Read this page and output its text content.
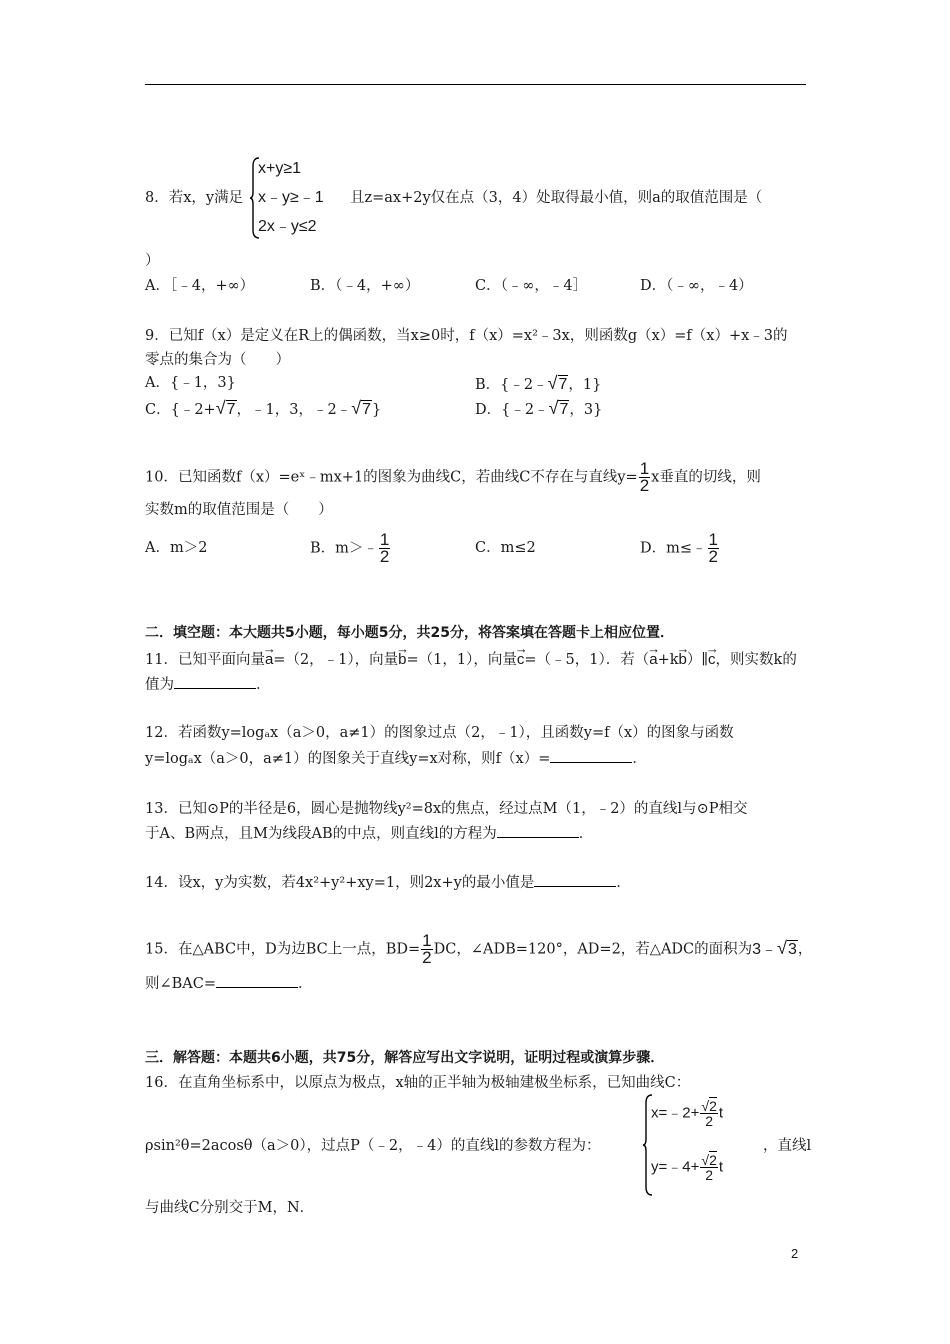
8．若x，y满足
x+y≥1
x﹣y≥﹣1
2x﹣y≤2
且z=ax+2y仅在点（3，4）处取得最小值，则a的取值范围是（
）
A．［﹣4，+∞）	B．（﹣4，+∞）	C．（﹣∞，﹣4］	D．（﹣∞，﹣4）
9．已知f（x）是定义在R上的偶函数，当x≥0时，f（x）=x²﹣3x，则函数g（x）=f（x）+x﹣3的
零点的集合为（　　）
A．{﹣1，3}	B．{﹣2﹣√7，1}
C．{﹣2+√7，﹣1，3，﹣2﹣√7}	D．{﹣2﹣√7，3}
10．已知函数f（x）=eˣ﹣mx+1的图象为曲线C，若曲线C不存在与直线$y= \frac{1}{2}$ x垂直的切线，则
实数m的取值范围是（　　）
A．m＞2	B．m＞﹣ $\frac{1}{2}$	C．m≤2	D．m≤﹣ $\frac{1}{2}$
二．填空题：本大题共5小题，每小题5分，共25分，将答案填在答题卡上相应位置．
11．已知平面向量
→
a=（2，﹣1），向量
→
b=（1，1），向量
→
c=（﹣5，1）．若（
→
a+k
→
b）∥
→
c，则实数k的
值为	．
12．若函数y=logₐx（a＞0，a≠1）的图象过点（2，﹣1），且函数y=f（x）的图象与函数
y=logₐx（a＞0，a≠1）的图象关于直线y=x对称，则f（x）=	．
13．已知⊙P的半径是6，圆心是抛物线y²=8x的焦点，经过点M（1，﹣2）的直线l与⊙P相交
于A、B两点，且M为线段AB的中点，则直线l的方程为	．
14．设x，y为实数，若4x²+y²+xy=1，则2x+y的最小值是	．
15．在△ABC中，D为边BC上一点，$BD= \frac{1}{2}$ DC，∠ADB=120°，AD=2，若△ADC的面积为3﹣√3，
则∠BAC=	．
三．解答题：本题共6小题，共75分，解答应写出文字说明，证明过程或演算步骤．
16．在直角坐标系中，以原点为极点，x轴的正半轴为极轴建极坐标系，已知曲线C：
ρsin²θ=2acosθ（a＞0），过点P（﹣2，﹣4）的直线l的参数方程为：
x=﹣2+ $\frac{√2}{2}$ t
y=﹣4+ $\frac{√2}{2}$ t
，直线l
与曲线C分别交于M，N．
2
